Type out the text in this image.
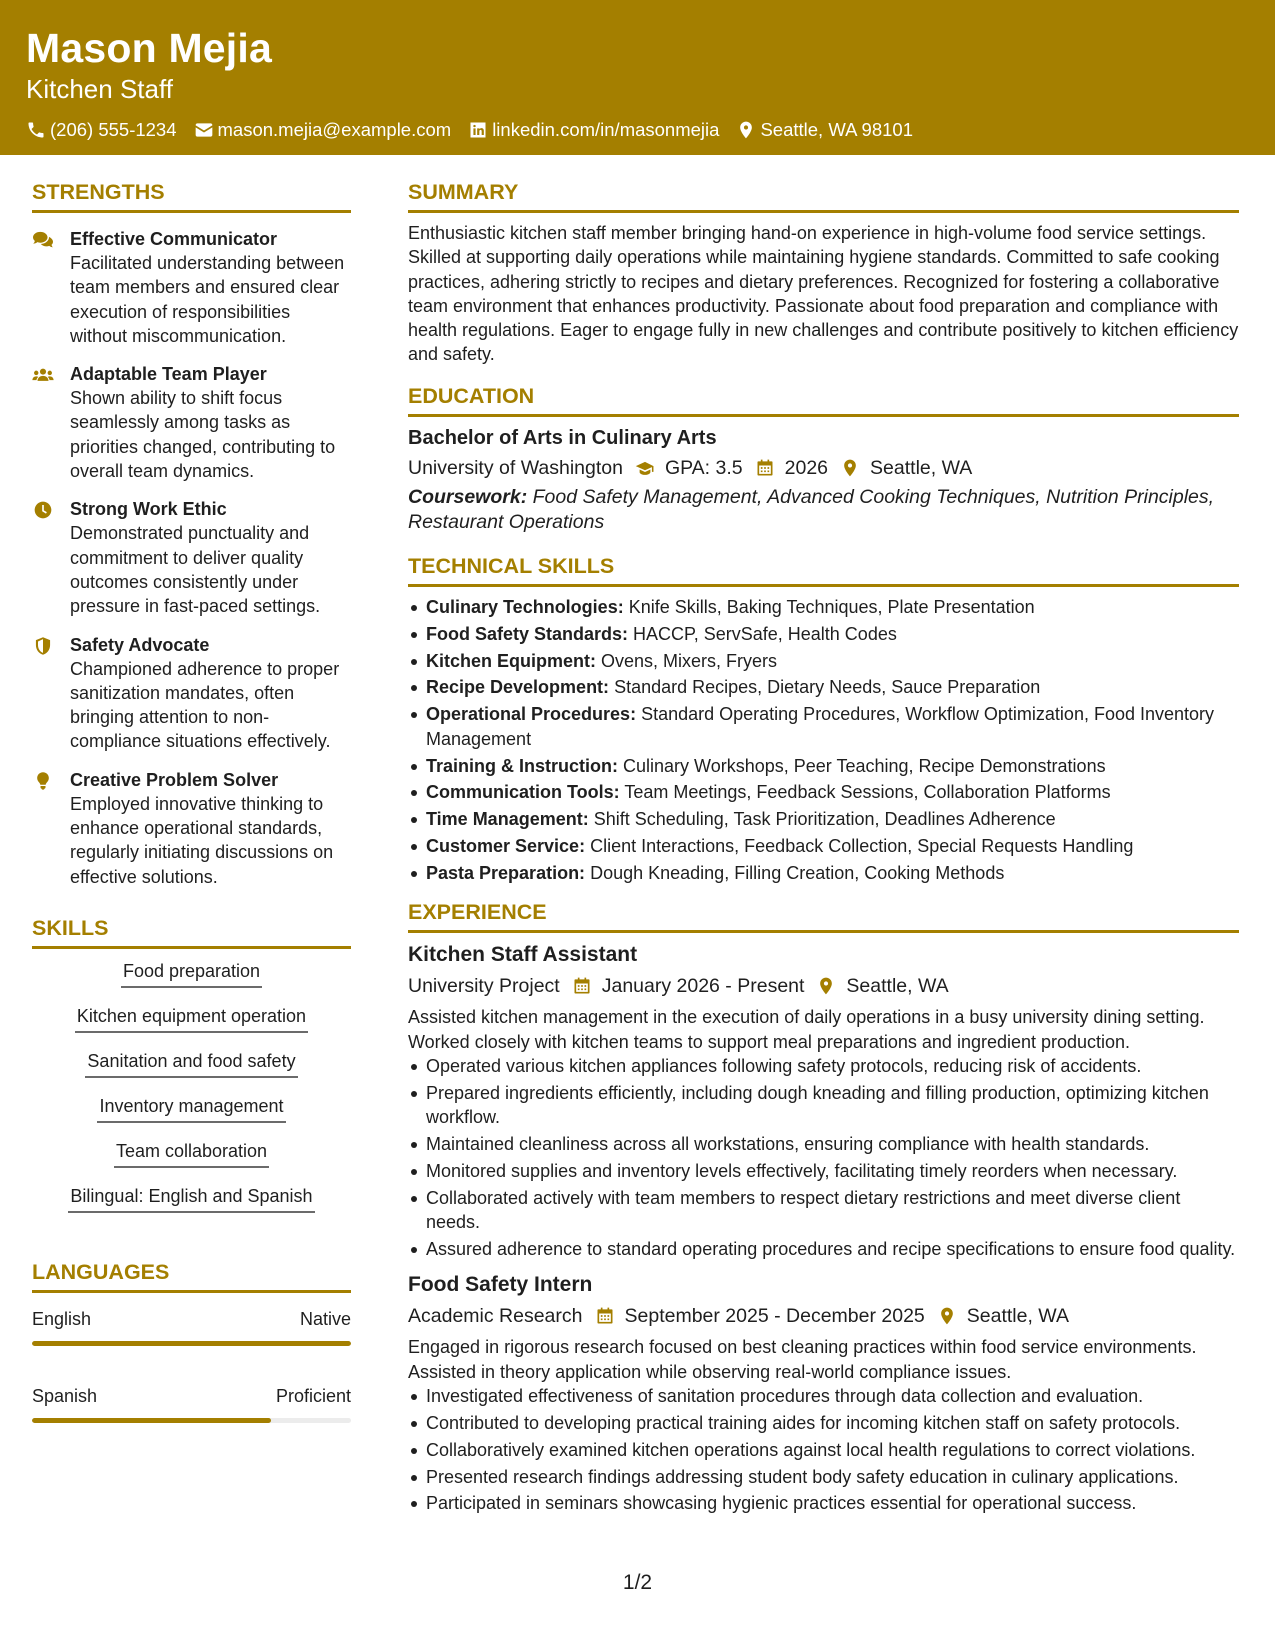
Mason Mejia
Kitchen Staff
(206) 555-1234 mason.mejia@example.com linkedin.com/in/masonmejia Seattle, WA 98101
STRENGTHS
Effective Communicator
Facilitated understanding between team members and ensured clear execution of responsibilities without miscommunication.
Adaptable Team Player
Shown ability to shift focus seamlessly among tasks as priorities changed, contributing to overall team dynamics.
Strong Work Ethic
Demonstrated punctuality and commitment to deliver quality outcomes consistently under pressure in fast-paced settings.
Safety Advocate
Championed adherence to proper sanitization mandates, often bringing attention to non-compliance situations effectively.
Creative Problem Solver
Employed innovative thinking to enhance operational standards, regularly initiating discussions on effective solutions.
SKILLS
Food preparation
Kitchen equipment operation
Sanitation and food safety
Inventory management
Team collaboration
Bilingual: English and Spanish
LANGUAGES
English	Native
Spanish	Proficient
SUMMARY
Enthusiastic kitchen staff member bringing hand-on experience in high-volume food service settings. Skilled at supporting daily operations while maintaining hygiene standards. Committed to safe cooking practices, adhering strictly to recipes and dietary preferences. Recognized for fostering a collaborative team environment that enhances productivity. Passionate about food preparation and compliance with health regulations. Eager to engage fully in new challenges and contribute positively to kitchen efficiency and safety.
EDUCATION
Bachelor of Arts in Culinary Arts
University of Washington GPA: 3.5 2026 Seattle, WA
Coursework: Food Safety Management, Advanced Cooking Techniques, Nutrition Principles, Restaurant Operations
TECHNICAL SKILLS
Culinary Technologies: Knife Skills, Baking Techniques, Plate Presentation
Food Safety Standards: HACCP, ServSafe, Health Codes
Kitchen Equipment: Ovens, Mixers, Fryers
Recipe Development: Standard Recipes, Dietary Needs, Sauce Preparation
Operational Procedures: Standard Operating Procedures, Workflow Optimization, Food Inventory Management
Training & Instruction: Culinary Workshops, Peer Teaching, Recipe Demonstrations
Communication Tools: Team Meetings, Feedback Sessions, Collaboration Platforms
Time Management: Shift Scheduling, Task Prioritization, Deadlines Adherence
Customer Service: Client Interactions, Feedback Collection, Special Requests Handling
Pasta Preparation: Dough Kneading, Filling Creation, Cooking Methods
EXPERIENCE
Kitchen Staff Assistant
University Project January 2026 - Present Seattle, WA
Assisted kitchen management in the execution of daily operations in a busy university dining setting. Worked closely with kitchen teams to support meal preparations and ingredient production.
Operated various kitchen appliances following safety protocols, reducing risk of accidents.
Prepared ingredients efficiently, including dough kneading and filling production, optimizing kitchen workflow.
Maintained cleanliness across all workstations, ensuring compliance with health standards.
Monitored supplies and inventory levels effectively, facilitating timely reorders when necessary.
Collaborated actively with team members to respect dietary restrictions and meet diverse client needs.
Assured adherence to standard operating procedures and recipe specifications to ensure food quality.
Food Safety Intern
Academic Research September 2025 - December 2025 Seattle, WA
Engaged in rigorous research focused on best cleaning practices within food service environments. Assisted in theory application while observing real-world compliance issues.
Investigated effectiveness of sanitation procedures through data collection and evaluation.
Contributed to developing practical training aides for incoming kitchen staff on safety protocols.
Collaboratively examined kitchen operations against local health regulations to correct violations.
Presented research findings addressing student body safety education in culinary applications.
Participated in seminars showcasing hygienic practices essential for operational success.
1/2
